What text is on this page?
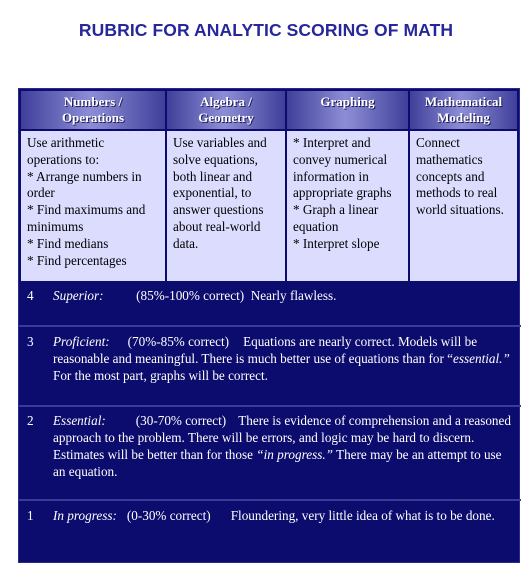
RUBRIC FOR ANALYTIC SCORING OF MATH
Numbers /
Operations
Algebra /
Geometry
Graphing	Mathematical
Modeling
Use arithmetic operations to:
* Arrange numbers in order
* Find maximums and minimums
* Find medians
* Find percentages
Use variables and solve equations, both linear and exponential, to answer questions about real-world data.
* Interpret and convey numerical information in appropriate graphs
* Graph a linear equation
* Interpret slope
Connect mathematics concepts and methods to real world situations.
4 Superior: (85%-100% correct) Nearly flawless.
3 Proficient: (70%-85% correct) Equations are nearly correct. Models will be reasonable and meaningful. There is much better use of equations than for “essential.” For the most part, graphs will be correct.
2 Essential: (30-70% correct) There is evidence of comprehension and a reasoned approach to the problem. There will be errors, and logic may be hard to discern. Estimates will be better than for those “in progress.” There may be an attempt to use an equation.
1 In progress: (0-30% correct) Floundering, very little idea of what is to be done.
